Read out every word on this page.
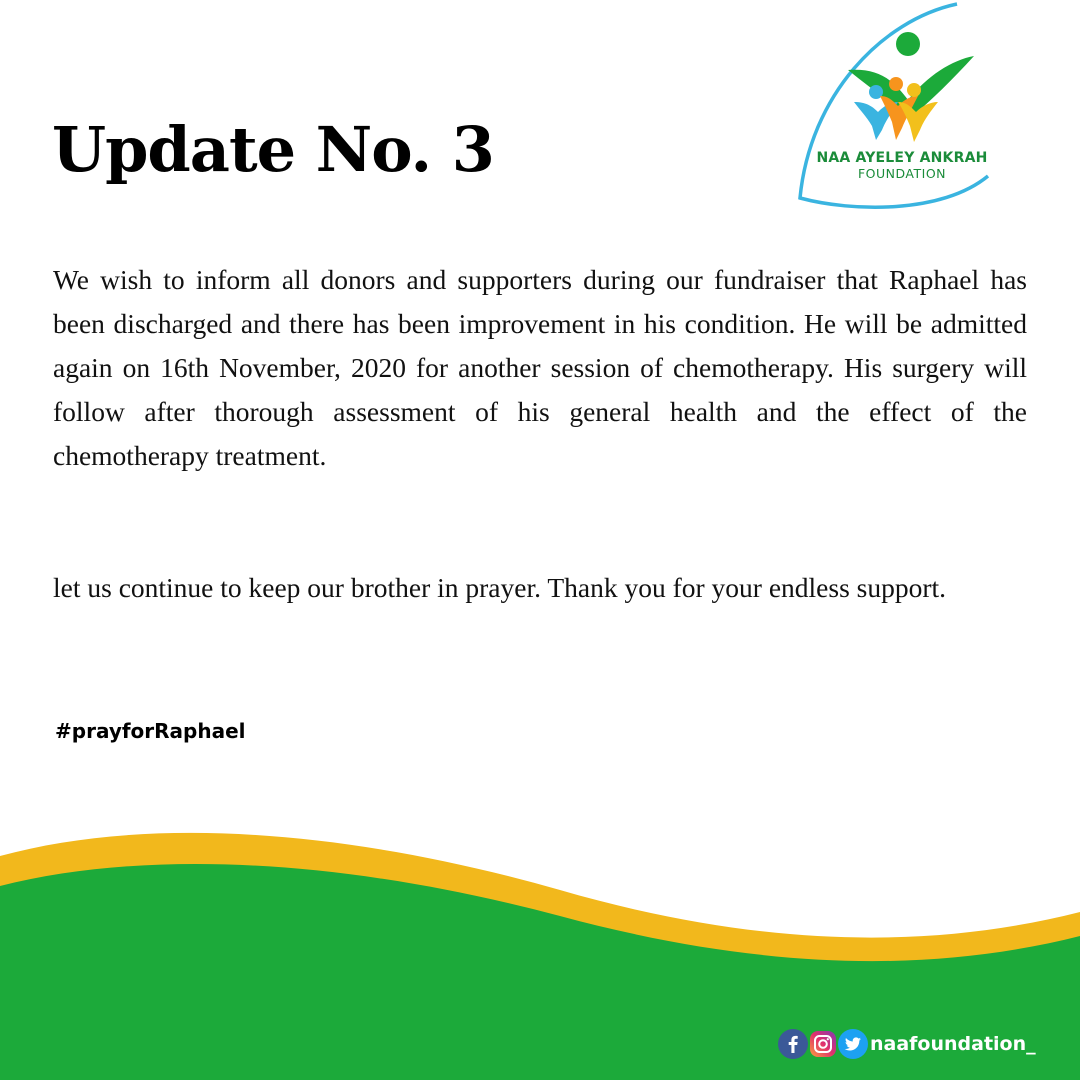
NAA AYELEY ANKRAH
FOUNDATION
Update No. 3

We wish to inform all donors and supporters during our fundraiser that Raphael has been discharged and there has been improvement in his condition. He will be admitted again on 16th November, 2020 for another session of chemotherapy. His surgery will follow after thorough assessment of his general health and the effect of the chemotherapy treatment.

let us continue to keep our brother in prayer. Thank you for your endless support.

#prayforRaphael
naafoundation_
